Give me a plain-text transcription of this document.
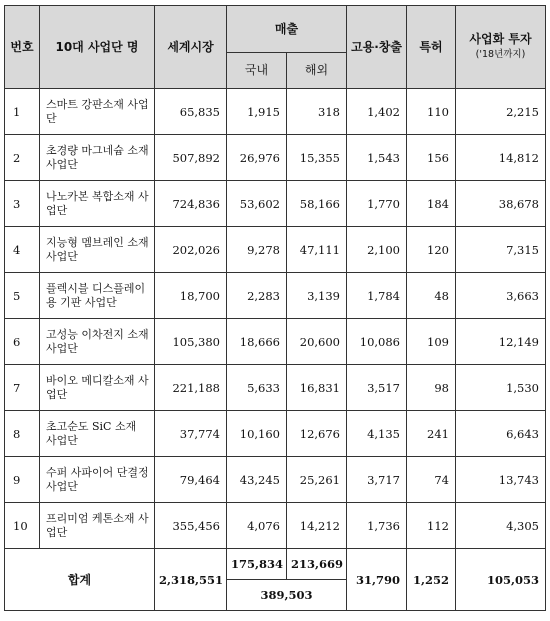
번호	10대 사업단 명	세계시장	매출		고용·창출	특허	사업화 투자
('18년까지)

			국내	해외			
1	스마트 강판소재 사업단	65,835	1,915	318	1,402	110	2,215
2	초경량 마그네슘 소재 사업단	507,892	26,976	15,355	1,543	156	14,812
3	나노카본 복합소재 사업단	724,836	53,602	58,166	1,770	184	38,678
4	지능형 멤브레인 소재 사업단	202,026	9,278	47,111	2,100	120	7,315
5	플렉시블 디스플레이용 기판 사업단	18,700	2,283	3,139	1,784	48	3,663
6	고성능 이차전지 소재 사업단	105,380	18,666	20,600	10,086	109	12,149
7	바이오 메디칼소재 사업단	221,188	5,633	16,831	3,517	98	1,530
8	초고순도 SiC 소재 사업단	37,774	10,160	12,676	4,135	241	6,643
9	수퍼 사파이어 단결정 사업단	79,464	43,245	25,261	3,717	74	13,743
10	프리미엄 케톤소재 사업단	355,456	4,076	14,212	1,736	112	4,305
합계		2,318,551	175,834	213,669	31,790	1,252	105,053
			389,503				
